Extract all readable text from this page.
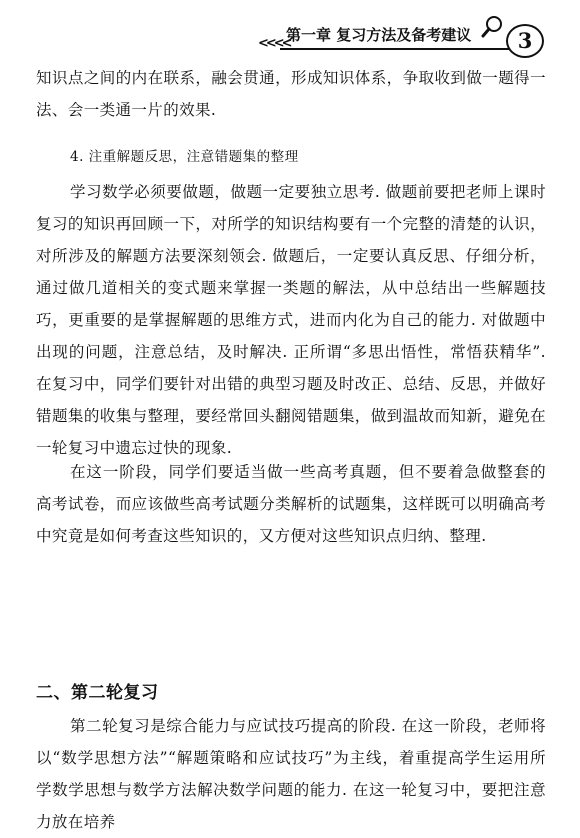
<<<<
第一章 复习方法及备考建议	3
知识点之间的内在联系，融会贯通，形成知识体系，争取收到做一题得一法、会一类通一片的效果.
4. 注重解题反思，注意错题集的整理
学习数学必须要做题，做题一定要独立思考. 做题前要把老师上课时复习的知识再回顾一下，对所学的知识结构要有一个完整的清楚的认识，对所涉及的解题方法要深刻领会. 做题后，一定要认真反思、仔细分析，通过做几道相关的变式题来掌握一类题的解法，从中总结出一些解题技巧，更重要的是掌握解题的思维方式，进而内化为自己的能力. 对做题中出现的问题，注意总结，及时解决. 正所谓“多思出悟性，常悟获精华”. 在复习中，同学们要针对出错的典型习题及时改正、总结、反思，并做好错题集的收集与整理，要经常回头翻阅错题集，做到温故而知新，避免在一轮复习中遗忘过快的现象.
在这一阶段，同学们要适当做一些高考真题，但不要着急做整套的高考试卷，而应该做些高考试题分类解析的试题集，这样既可以明确高考中究竟是如何考查这些知识的，又方便对这些知识点归纳、整理.
二、第二轮复习
第二轮复习是综合能力与应试技巧提高的阶段. 在这一阶段，老师将以“数学思想方法”“解题策略和应试技巧”为主线，着重提高学生运用所学数学思想与数学方法解决数学问题的能力. 在这一轮复习中，要把注意力放在培养
